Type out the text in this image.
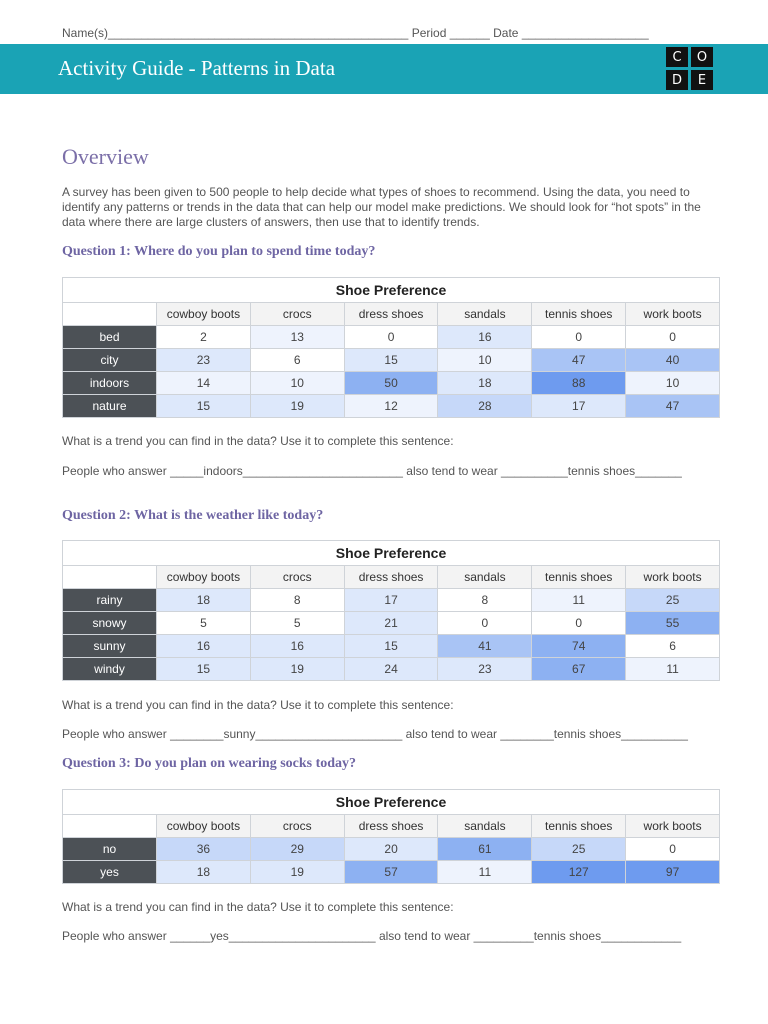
Name(s)_____________________________________________ Period ______ Date ___________________
Activity Guide - Patterns in Data	C	O
D	E
Overview
A survey has been given to 500 people to help decide what types of shoes to recommend. Using the data, you need to identify any patterns or trends in the data that can help our model make predictions. We should look for “hot spots” in the data where there are large clusters of answers, then use that to identify trends.
Question 1: Where do you plan to spend time today?
Shoe Preference						
	cowboy boots	crocs	dress shoes	sandals	tennis shoes	work boots
bed	2	13	0	16	0	0
city	23	6	15	10	47	40
indoors	14	10	50	18	88	10
nature	15	19	12	28	17	47
What is a trend you can find in the data? Use it to complete this sentence:
People who answer _____indoors________________________ also tend to wear __________tennis shoes_______
Question 2: What is the weather like today?
Shoe Preference						
	cowboy boots	crocs	dress shoes	sandals	tennis shoes	work boots
rainy	18	8	17	8	11	25
snowy	5	5	21	0	0	55
sunny	16	16	15	41	74	6
windy	15	19	24	23	67	11
What is a trend you can find in the data? Use it to complete this sentence:
People who answer ________sunny______________________ also tend to wear ________tennis shoes__________
Question 3: Do you plan on wearing socks today?
Shoe Preference						
	cowboy boots	crocs	dress shoes	sandals	tennis shoes	work boots
no	36	29	20	61	25	0
yes	18	19	57	11	127	97
What is a trend you can find in the data? Use it to complete this sentence:
People who answer ______yes______________________ also tend to wear _________tennis shoes____________
